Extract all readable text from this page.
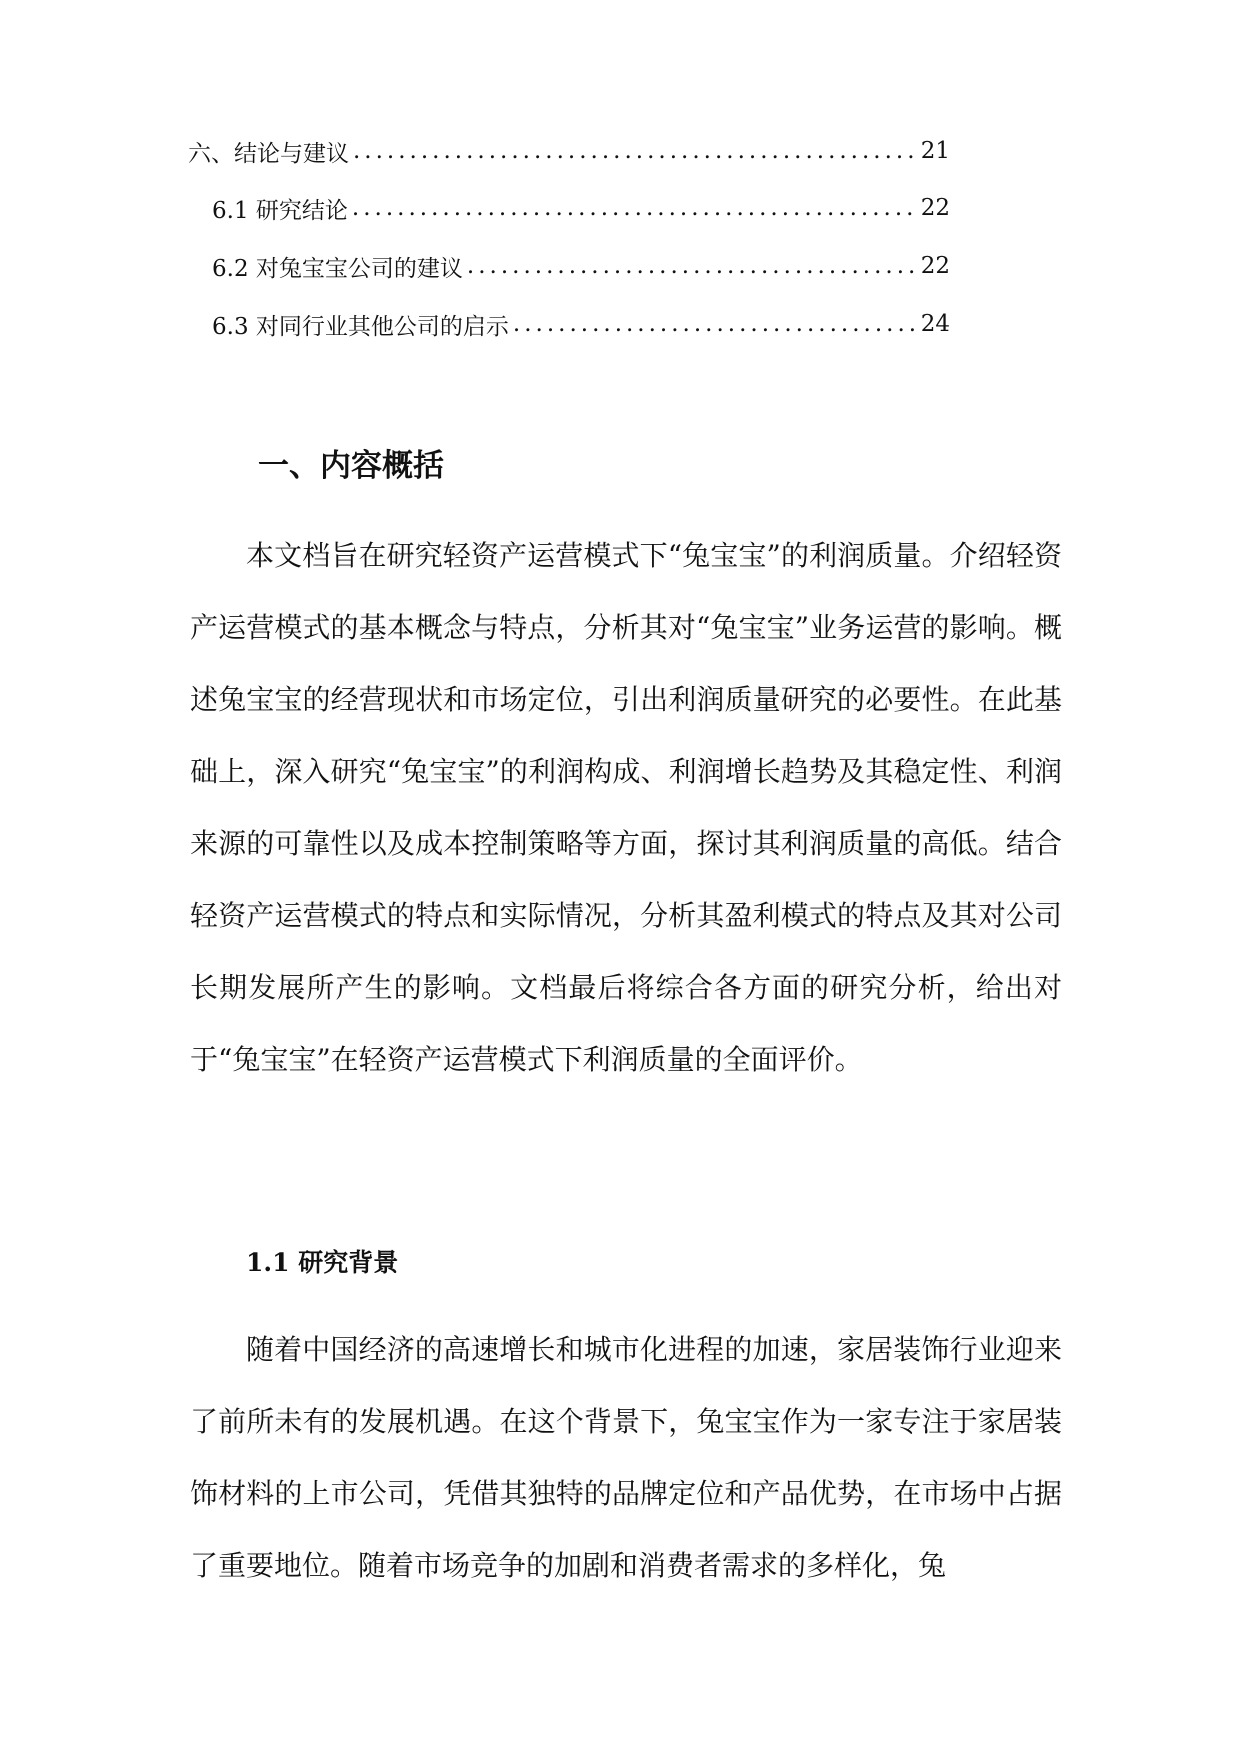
六、结论与建议 .....	21
6.1 研究结论 .....	22
6.2 对兔宝宝公司的建议 .....	22
6.3 对同行业其他公司的启示 .....	24
一、内容概括

本文档旨在研究轻资产运营模式下“兔宝宝”的利润质量。介绍轻资产运营模式的基本概念与特点，分析其对“兔宝宝”业务运营的影响。概述兔宝宝的经营现状和市场定位，引出利润质量研究的必要性。在此基础上，深入研究“兔宝宝”的利润构成、利润增长趋势及其稳定性、利润来源的可靠性以及成本控制策略等方面，探讨其利润质量的高低。结合轻资产运营模式的特点和实际情况，分析其盈利模式的特点及其对公司长期发展所产生的影响。文档最后将综合各方面的研究分析，给出对于“兔宝宝”在轻资产运营模式下利润质量的全面评价。

1.1 研究背景

随着中国经济的高速增长和城市化进程的加速，家居装饰行业迎来了前所未有的发展机遇。在这个背景下，兔宝宝作为一家专注于家居装饰材料的上市公司，凭借其独特的品牌定位和产品优势，在市场中占据了重要地位。随着市场竞争的加剧和消费者需求的多样化，兔
